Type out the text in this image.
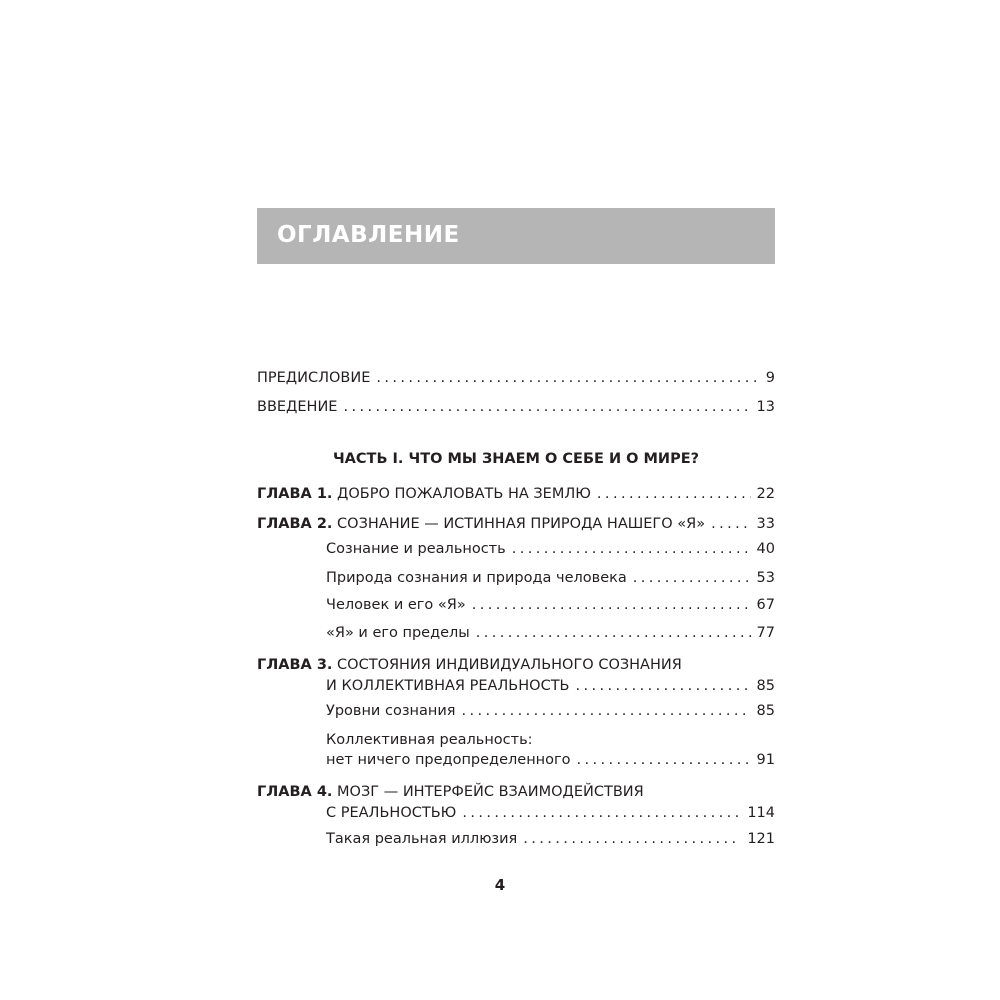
ОГЛАВЛЕНИЕ
ПРЕДИСЛОВИЕ .....	9
ВВЕДЕНИЕ .....	13
ЧАСТЬ I. ЧТО МЫ ЗНАЕМ О СЕБЕ И О МИРЕ?
ГЛАВА 1. ДОБРО ПОЖАЛОВАТЬ НА ЗЕМЛЮ .....	22
ГЛАВА 2. СОЗНАНИЕ — ИСТИННАЯ ПРИРОДА НАШЕГО «Я» .....	33
Сознание и реальность .....	40
Природа сознания и природа человека .....	53
Человек и его «Я» .....	67
«Я» и его пределы .....	77
ГЛАВА 3. СОСТОЯНИЯ ИНДИВИДУАЛЬНОГО СОЗНАНИЯ
И КОЛЛЕКТИВНАЯ РЕАЛЬНОСТЬ .....	85
Уровни сознания .....	85
Коллективная реальность:
нет ничего предопределенного .....	91
ГЛАВА 4. МОЗГ — ИНТЕРФЕЙС ВЗАИМОДЕЙСТВИЯ
С РЕАЛЬНОСТЬЮ .....	114
Такая реальная иллюзия .....	121
4
